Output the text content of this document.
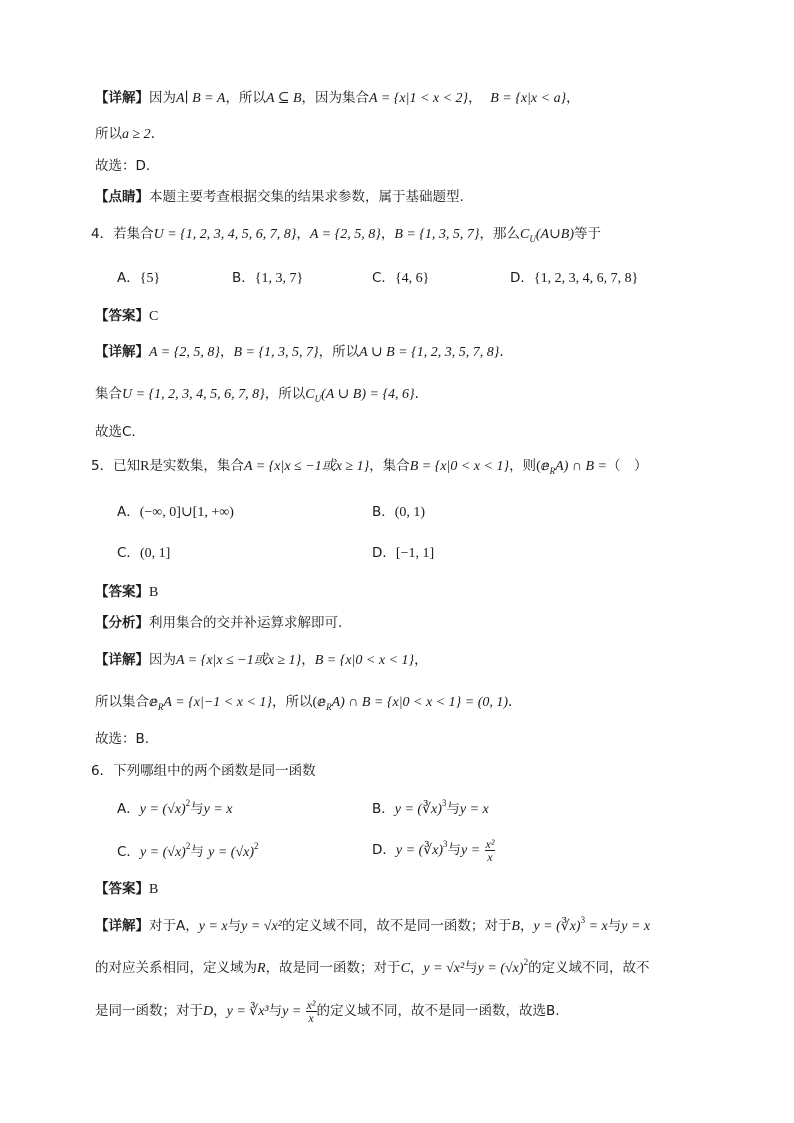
【详解】因为A∣ B = A，所以A ⊆ B，因为集合A = {x|1 < x < 2}， B = {x|x < a}，
所以a ≥ 2.
故选：D.
【点睛】本题主要考查根据交集的结果求参数，属于基础题型.
4．若集合U = {1, 2, 3, 4, 5, 6, 7, 8}，A = {2, 5, 8}，B = {1, 3, 5, 7}，那么$C_U(A\cup B)$等于
A．{5}	B．{1, 3, 7}	C．{4, 6}	D．{1, 2, 3, 4, 6, 7, 8}
【答案】C
【详解】A = {2, 5, 8}，B = {1, 3, 5, 7}，所以A ∪ B = {1, 2, 3, 5, 7, 8}.
集合U = {1, 2, 3, 4, 5, 6, 7, 8}，所以$C_U(A$ ∪ B) = {4, 6}.
故选C.
5．已知R是实数集，集合A = {x|x ≤ −1或x ≥ 1}，集合B = {x|0 < x < 1}，则(ⅇ$_R$A) ∩ B =（　）
A．(−∞, 0]∪[1, +∞)	B．(0, 1)
C．(0, 1]	D．[−1, 1]
【答案】B
【分析】利用集合的交并补运算求解即可.
【详解】因为A = {x|x ≤ −1或x ≥ 1}，B = {x|0 < x < 1}，
所以集合ⅇ$_R$A = {x|−1 < x < 1}，所以(ⅇ$_R$A) ∩ B = {x|0 < x < 1} = (0, 1).
故选：B.
6．下列哪组中的两个函数是同一函数
A．$y = (√x)^2$与y = x	B．y = (∛x)$^3$与y = x
C．$y = (√x)^2$与 $y = (√x)^2$	D．y = (∛x)$^3$与$y = \frac{\text{x²}}{x}$
【答案】B
【详解】对于A，y = x与y = √x²的定义域不同，故不是同一函数；对于B，y = (∛x)$^3$ = x与y = x
的对应关系相同，定义域为R，故是同一函数；对于C，y = √x²与$y = (√x)^2$的定义域不同，故不
是同一函数；对于D，y = ∛x³与$y = \frac{\text{x²}}{x}$ 的定义域不同，故不是同一函数，故选B.
